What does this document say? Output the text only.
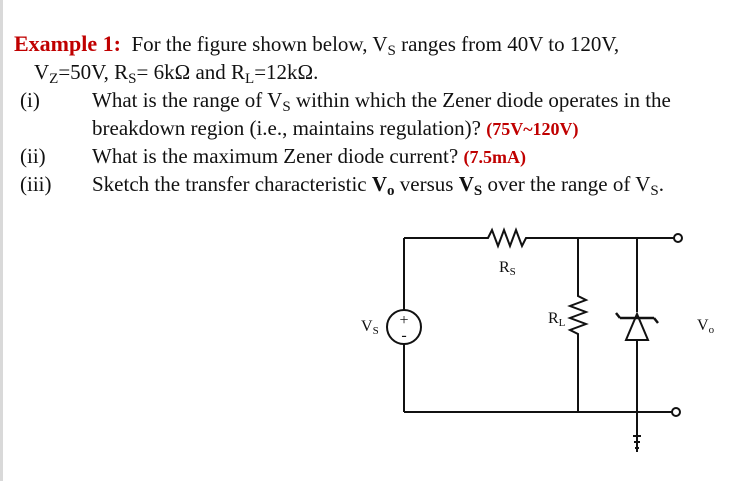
Example 1: For the figure shown below, $V_S$ ranges from 40V to 120V,
$V_Z=50V$, $R_S= 6k\Omega$ and $R_L=12k\Omega$.
(i) What is the range of $V_S$ within which the Zener diode operates in the
breakdown region (i.e., maintains regulation)? (75V~120V)
(ii) What is the maximum Zener diode current? (7.5mA)
(iii) Sketch the transfer characteristic $V_o$ versus $V_S$ over the range of $V_S$.
+
-
RS
RL
VS	Vo
